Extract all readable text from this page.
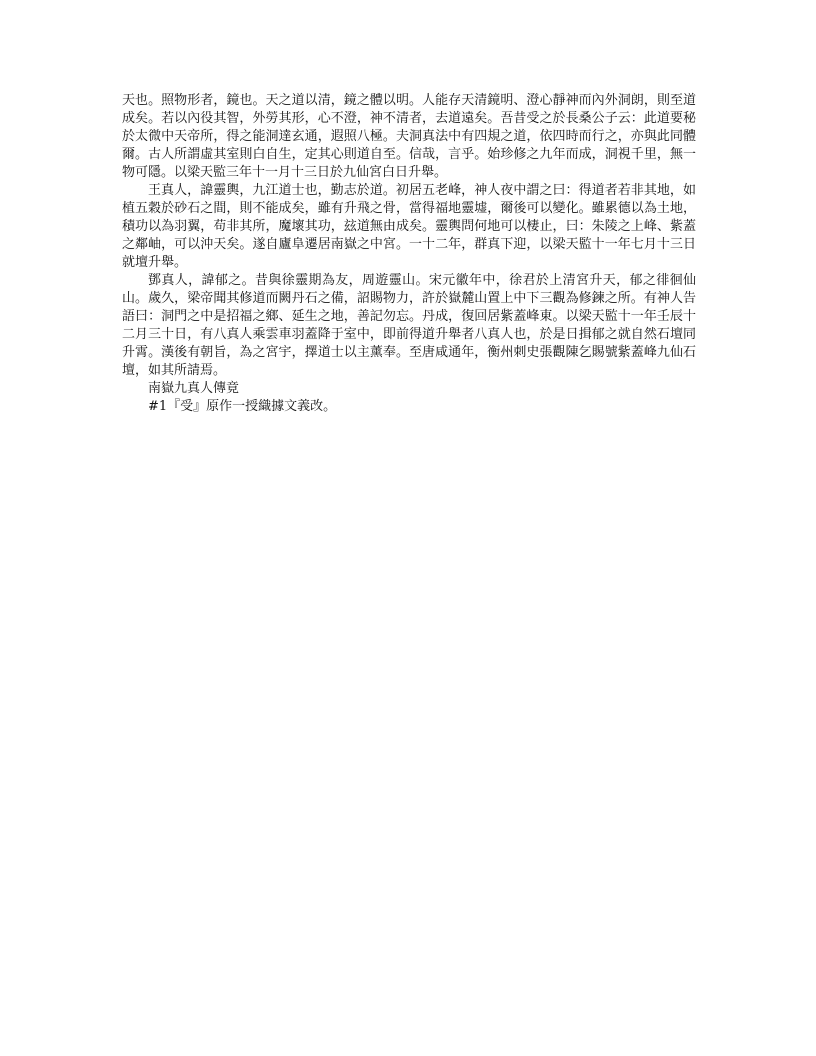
天也。照物形者，鏡也。天之道以清，鏡之體以明。人能存天清鏡明、澄心靜神而內外洞朗，則至道成矣。若以內役其智，外勞其形，心不澄，神不清者，去道遠矣。吾昔受之於長桑公子云：此道要秘於太微中天帝所，得之能洞達玄通，遐照八極。夫洞真法中有四規之道，依四時而行之，亦與此同體爾。古人所謂虛其室則白自生，定其心則道自至。信哉，言乎。始珍修之九年而成，洞視千里，無一物可隱。以梁天監三年十一月十三日於九仙宮白日升舉。

王真人，諱靈輿，九江道士也，勤志於道。初居五老峰，神人夜中謂之曰：得道者若非其地，如植五穀於砂石之間，則不能成矣，雖有升飛之骨，當得福地靈墟，爾後可以變化。雖累德以為土地，積功以為羽翼，苟非其所，魔壞其功，玆道無由成矣。靈輿問何地可以棲止，曰：朱陵之上峰、紫蓋之鄰岫，可以沖天矣。遂自廬阜遷居南嶽之中宮。一十二年，群真下迎，以梁天監十一年七月十三日就壇升舉。

鄧真人，諱郁之。昔與徐靈期為友，周遊靈山。宋元徽年中，徐君於上清宮升天，郁之徘徊仙山。歲久，梁帝聞其修道而闕丹石之備，詔賜物力，許於嶽麓山置上中下三觀為修鍊之所。有神人告語曰：洞門之中是招福之鄉、延生之地，善記勿忘。丹成，復回居紫蓋峰東。以梁天監十一年壬辰十二月三十日，有八真人乘雲車羽蓋降于室中，即前得道升舉者八真人也，於是日揖郁之就自然石壇同升霄。漢後有朝旨，為之宮宇，擇道士以主薰奉。至唐咸通年，衡州刺史張觀陳乞賜號紫蓋峰九仙石壇，如其所請焉。

南嶽九真人傳竟

#1『受』原作一授織據文義改。
